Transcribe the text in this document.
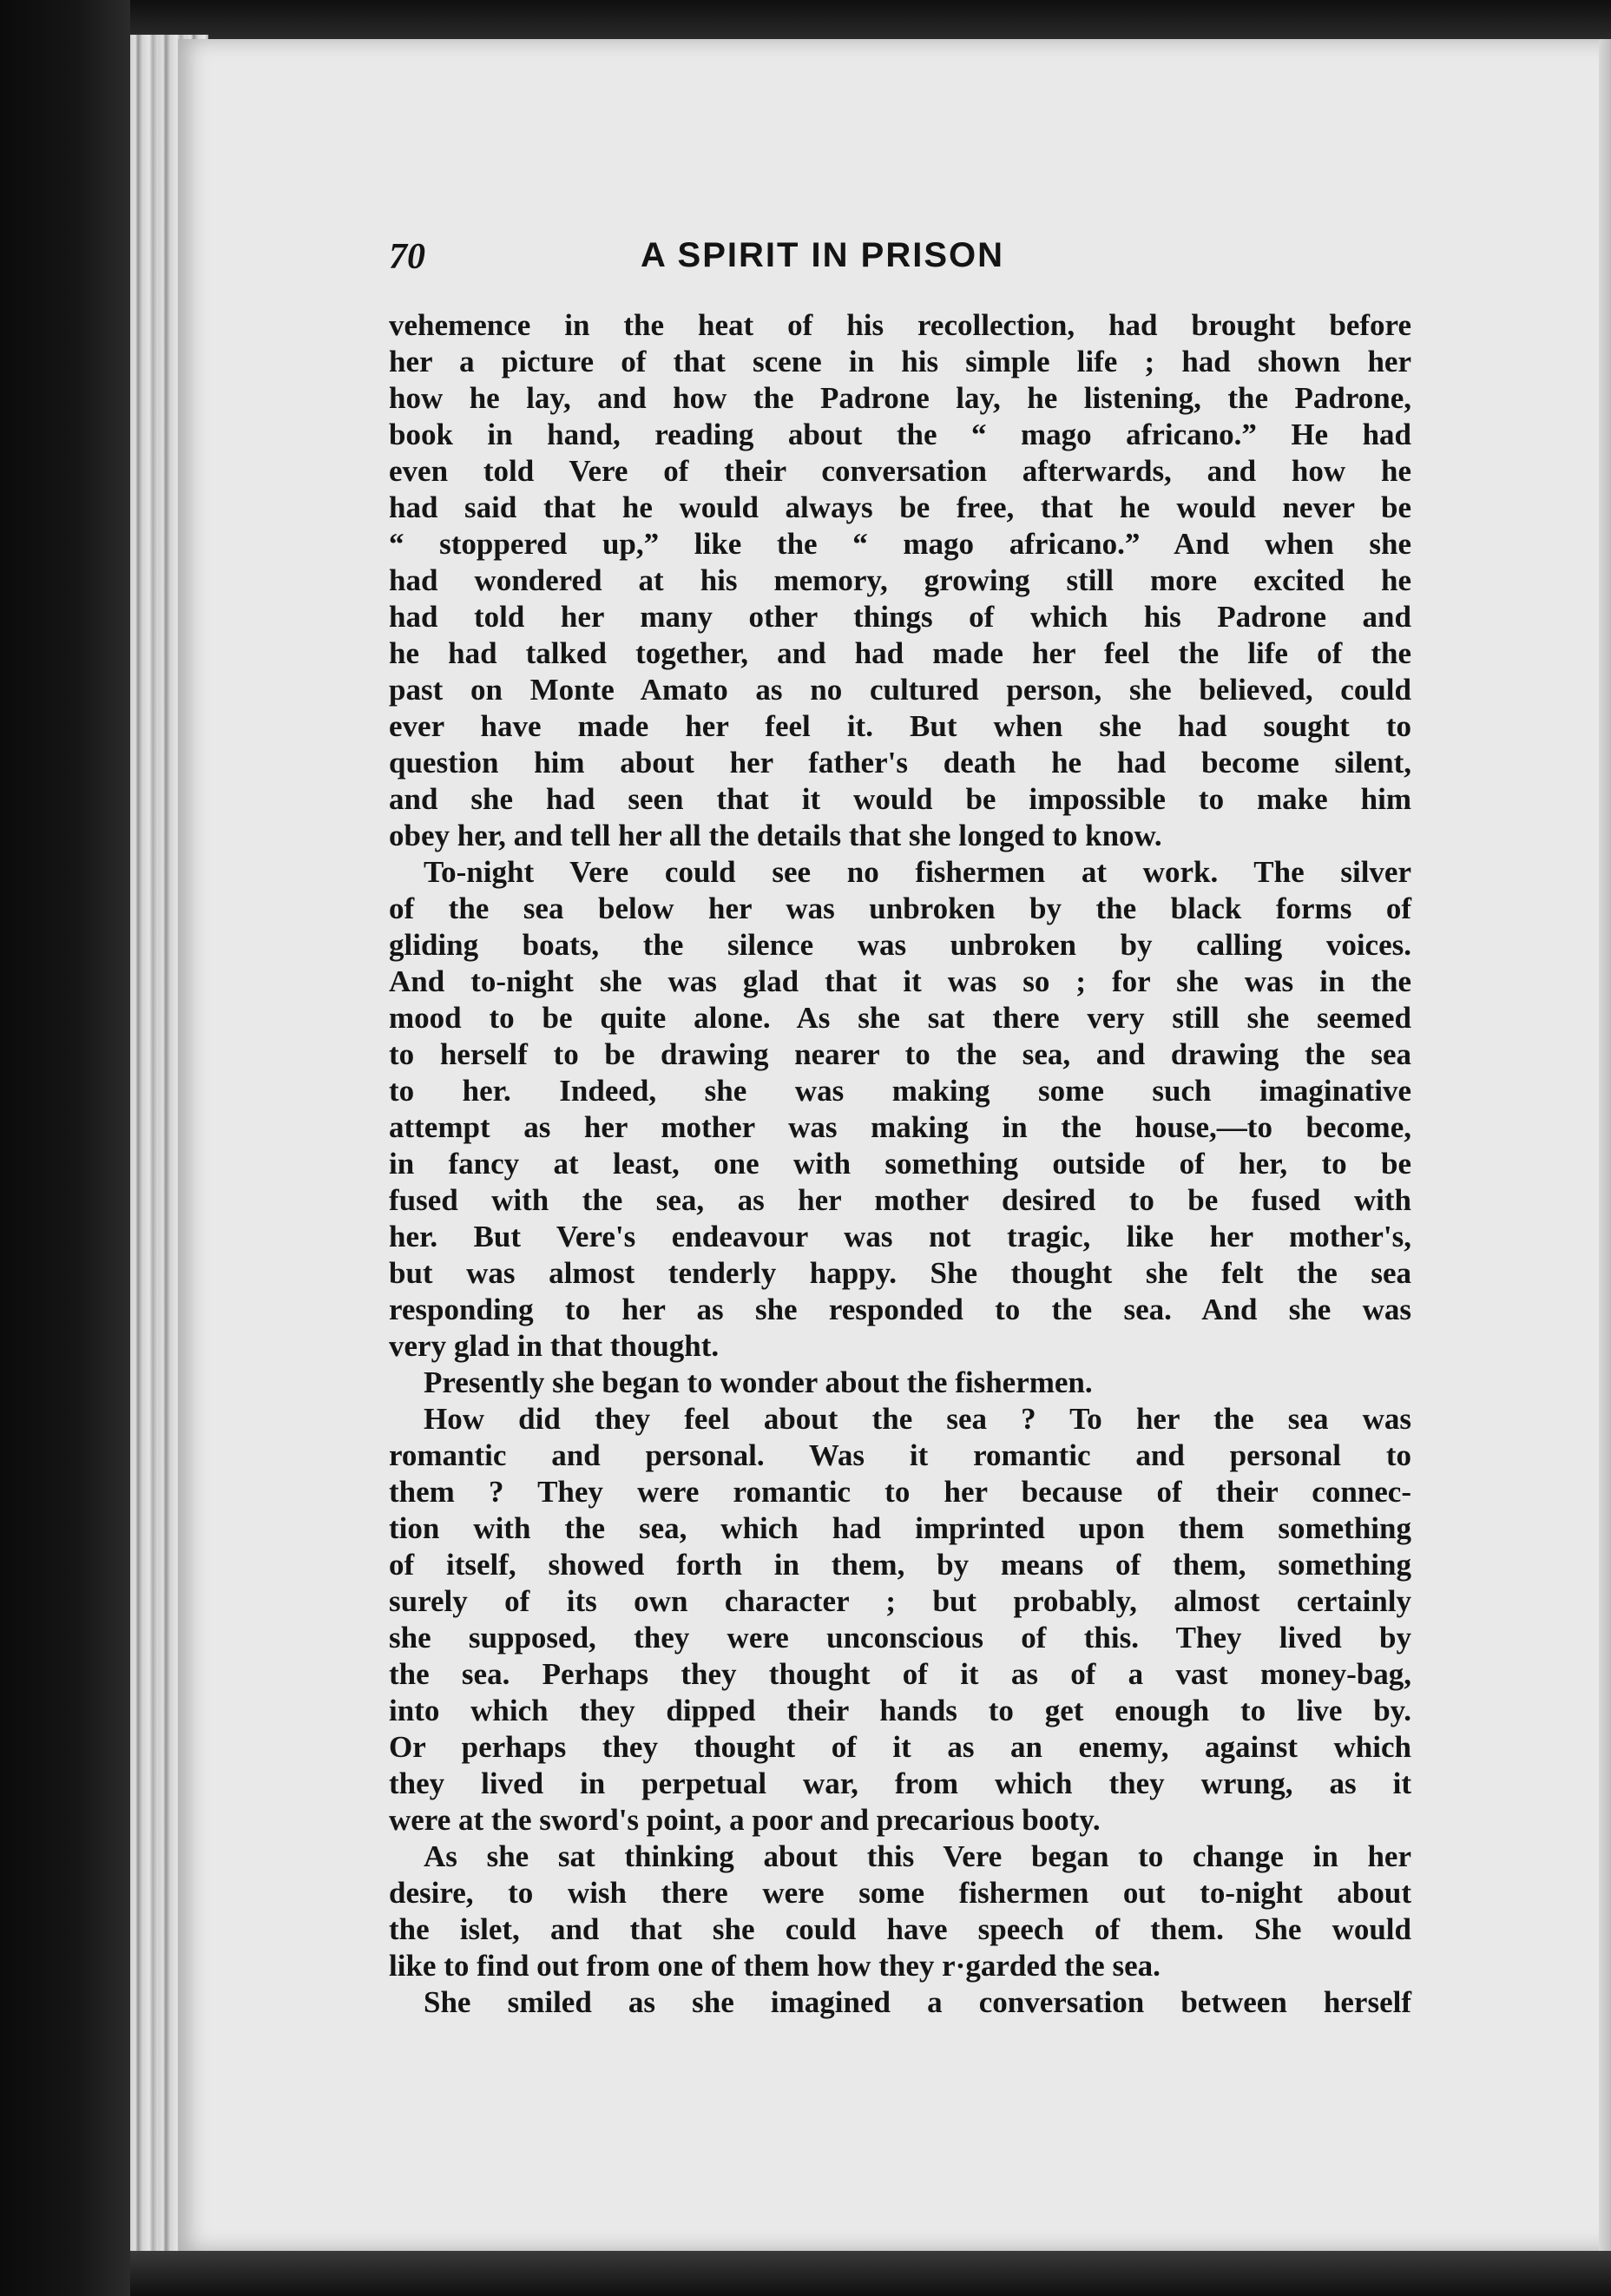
70	A SPIRIT IN PRISON
vehemence in the heat of his recollection, had brought before
her a picture of that scene in his simple life ; had shown her
how he lay, and how the Padrone lay, he listening, the Padrone,
book in hand, reading about the “ mago africano.” He had
even told Vere of their conversation afterwards, and how he
had said that he would always be free, that he would never be
“ stoppered up,” like the “ mago africano.” And when she
had wondered at his memory, growing still more excited he
had told her many other things of which his Padrone and
he had talked together, and had made her feel the life of the
past on Monte Amato as no cultured person, she believed, could
ever have made her feel it. But when she had sought to
question him about her father's death he had become silent,
and she had seen that it would be impossible to make him
obey her, and tell her all the details that she longed to know.
To-night Vere could see no fishermen at work. The silver
of the sea below her was unbroken by the black forms of
gliding boats, the silence was unbroken by calling voices.
And to-night she was glad that it was so ; for she was in the
mood to be quite alone. As she sat there very still she seemed
to herself to be drawing nearer to the sea, and drawing the sea
to her. Indeed, she was making some such imaginative
attempt as her mother was making in the house,—to become,
in fancy at least, one with something outside of her, to be
fused with the sea, as her mother desired to be fused with
her. But Vere's endeavour was not tragic, like her mother's,
but was almost tenderly happy. She thought she felt the sea
responding to her as she responded to the sea. And she was
very glad in that thought.
Presently she began to wonder about the fishermen.
How did they feel about the sea ? To her the sea was
romantic and personal. Was it romantic and personal to
them ? They were romantic to her because of their connec-
tion with the sea, which had imprinted upon them something
of itself, showed forth in them, by means of them, something
surely of its own character ; but probably, almost certainly
she supposed, they were unconscious of this. They lived by
the sea. Perhaps they thought of it as of a vast money-bag,
into which they dipped their hands to get enough to live by.
Or perhaps they thought of it as an enemy, against which
they lived in perpetual war, from which they wrung, as it
were at the sword's point, a poor and precarious booty.
As she sat thinking about this Vere began to change in her
desire, to wish there were some fishermen out to-night about
the islet, and that she could have speech of them. She would
like to find out from one of them how they r·garded the sea.
She smiled as she imagined a conversation between herself
